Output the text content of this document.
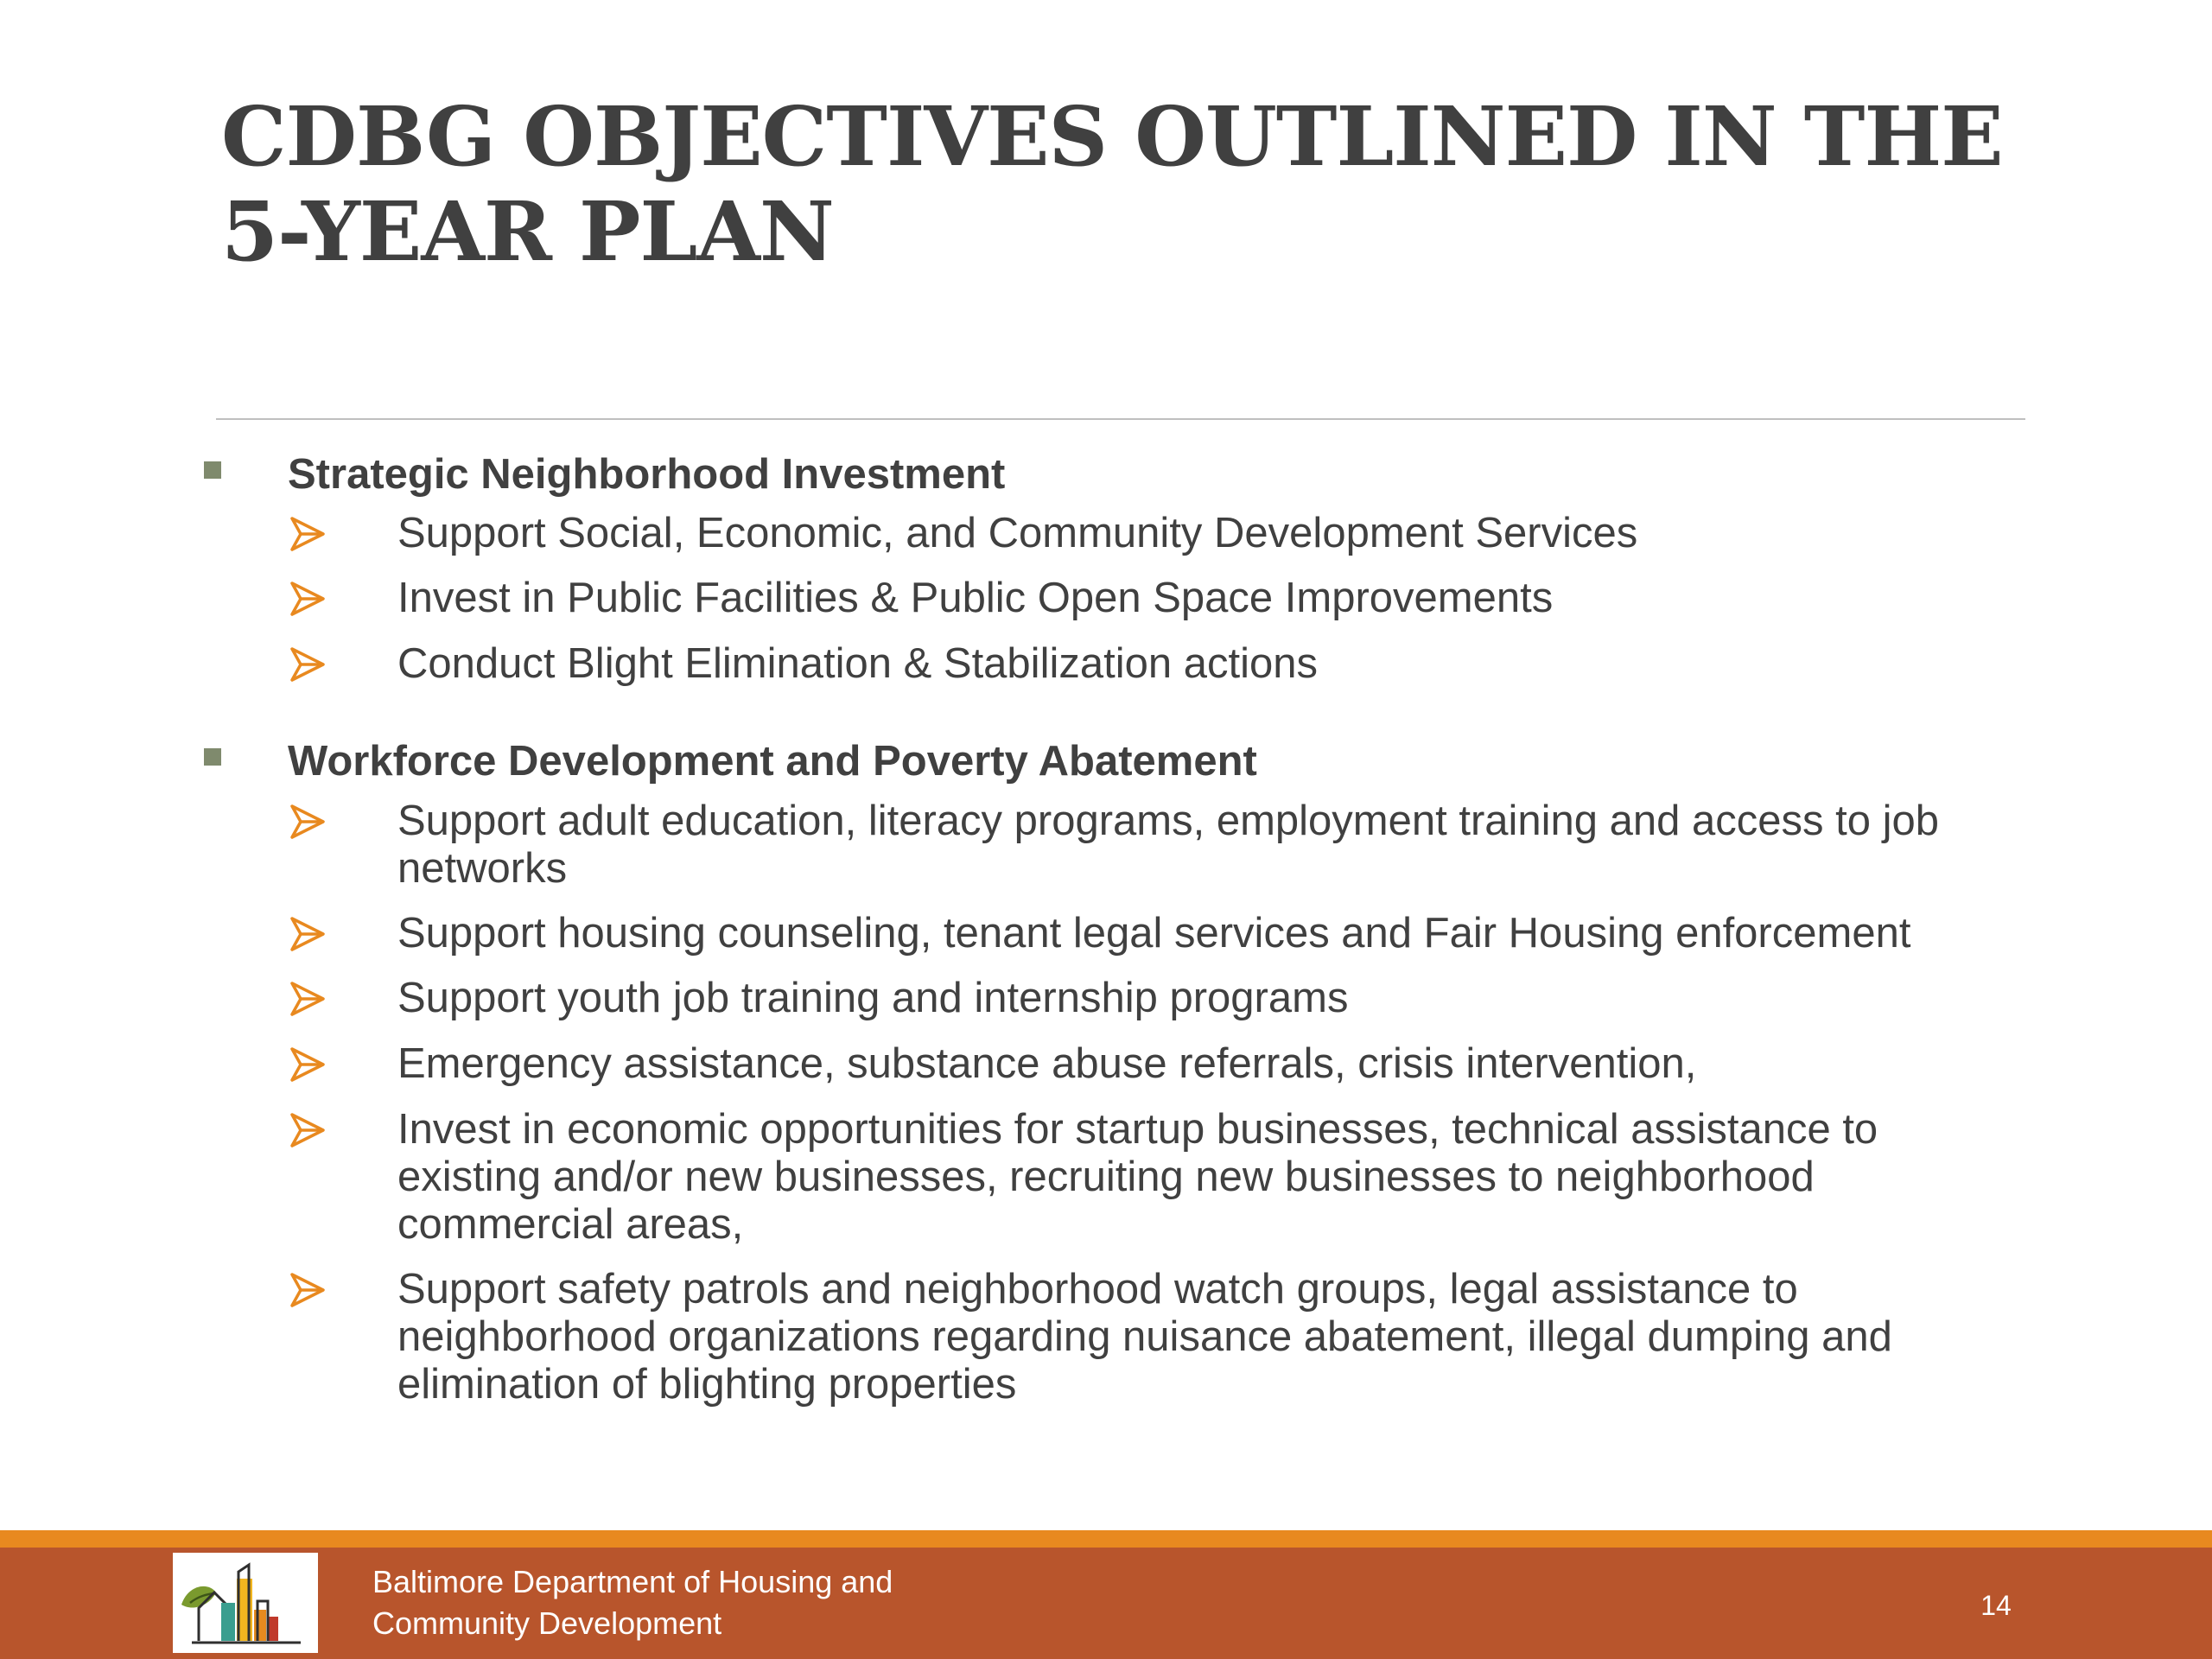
CDBG OBJECTIVES OUTLINED IN THE 5-YEAR PLAN
Strategic Neighborhood Investment
Support Social, Economic, and Community Development Services
Invest in Public Facilities & Public Open Space Improvements
Conduct Blight Elimination & Stabilization actions
Workforce Development and Poverty Abatement
Support adult education, literacy programs, employment training and access to job networks
Support housing counseling, tenant legal services and Fair Housing enforcement
Support youth job training and internship programs
Emergency assistance, substance abuse referrals, crisis intervention,
Invest in economic opportunities for startup businesses, technical assistance to existing and/or new businesses, recruiting new businesses to neighborhood commercial areas,
Support safety patrols and neighborhood watch groups, legal assistance to neighborhood organizations regarding nuisance abatement, illegal dumping and elimination of blighting properties
Baltimore Department of Housing and Community Development	14
